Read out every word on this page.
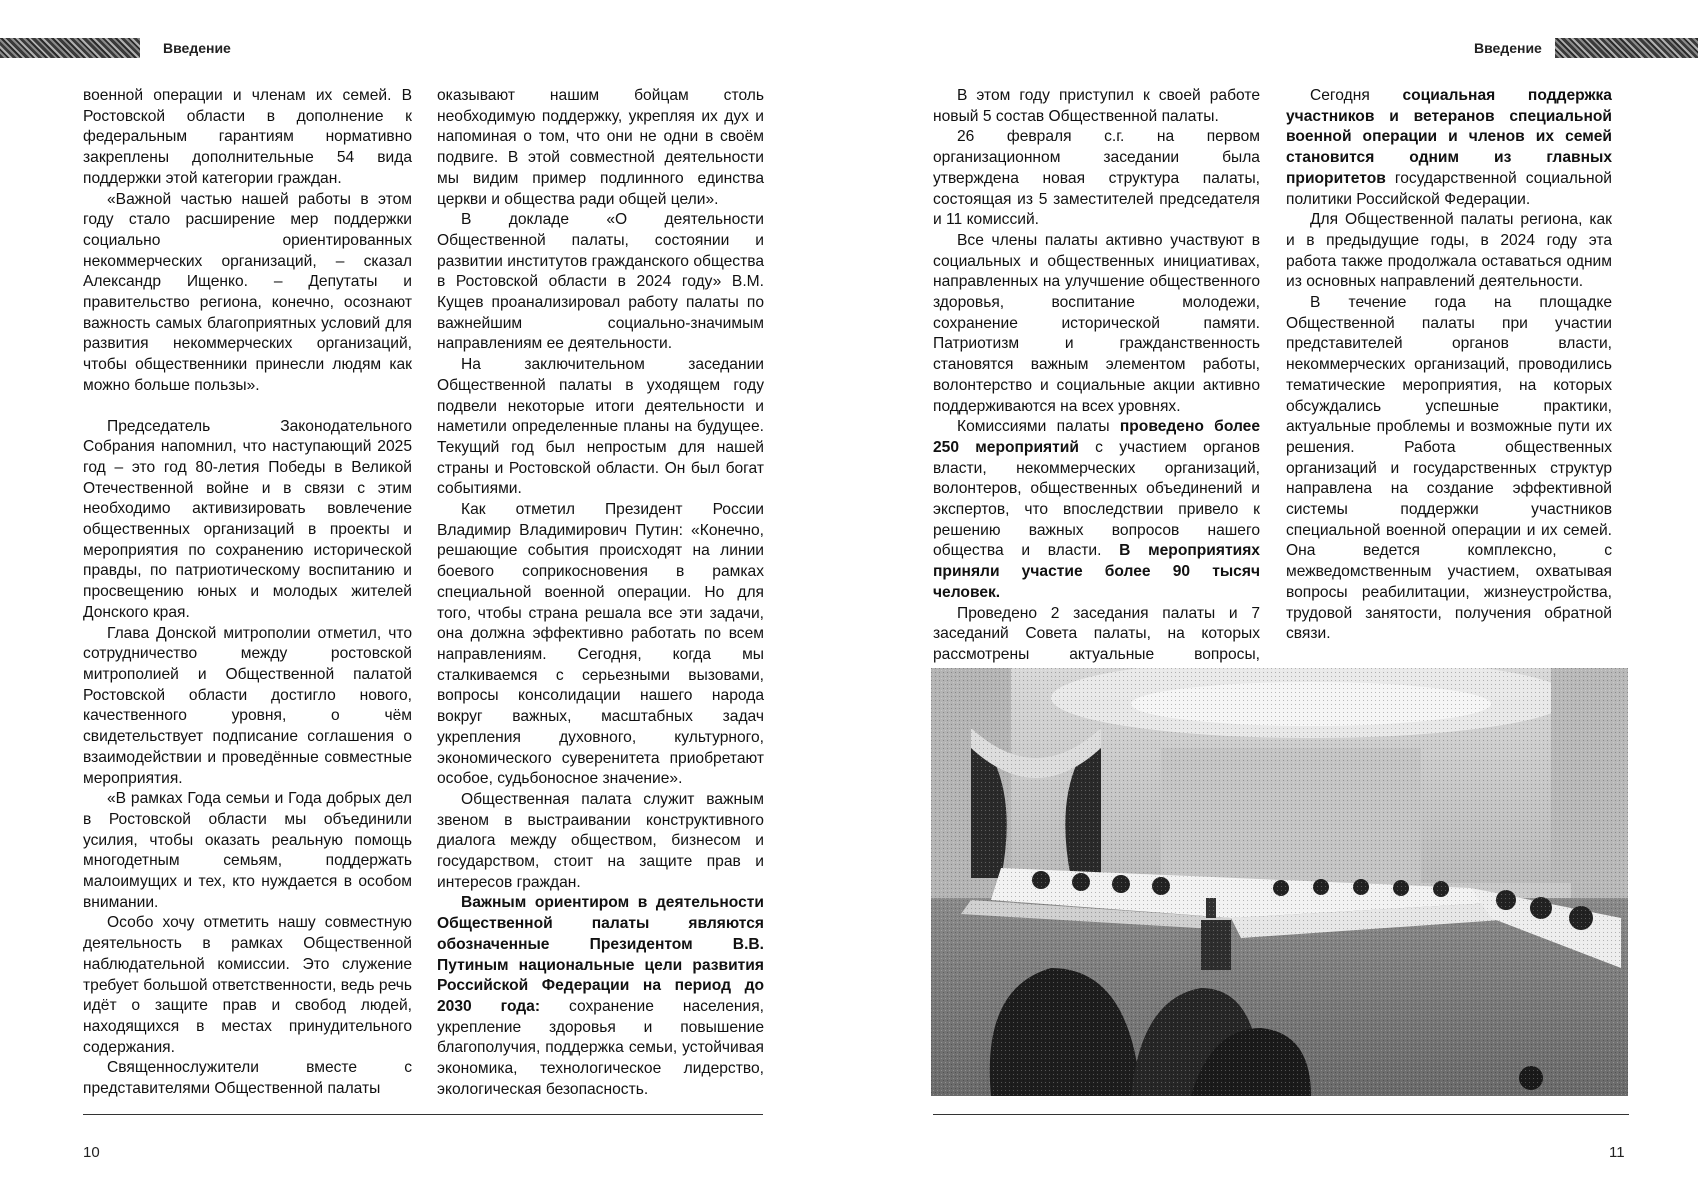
Введение

военной операции и членам их семей. В Ростовской области в дополнение к федеральным гарантиям нормативно закреплены дополнительные 54 вида поддержки этой категории граждан.

«Важной частью нашей работы в этом году стало расширение мер поддержки социально ориентированных некоммерческих организаций, – сказал Александр Ищенко. – Депутаты и правительство региона, конечно, осознают важность самых благоприятных условий для развития некоммерческих организаций, чтобы общественники принесли людям как можно больше пользы».

Председатель Законодательного Собрания напомнил, что наступающий 2025 год – это год 80-летия Победы в Великой Отечественной войне и в связи с этим необходимо активизировать вовлечение общественных организаций в проекты и мероприятия по сохранению исторической правды, по патриотическому воспитанию и просвещению юных и молодых жителей Донского края.

Глава Донской митрополии отметил, что сотрудничество между ростовской митрополией и Общественной палатой Ростовской области достигло нового, качественного уровня, о чём свидетельствует подписание соглашения о взаимодействии и проведённые совместные мероприятия.

«В рамках Года семьи и Года добрых дел в Ростовской области мы объединили усилия, чтобы оказать реальную помощь многодетным семьям, поддержать малоимущих и тех, кто нуждается в особом внимании.

Особо хочу отметить нашу совместную деятельность в рамках Общественной наблюдательной комиссии. Это служение требует большой ответственности, ведь речь идёт о защите прав и свобод людей, находящихся в местах принудительного содержания.

Священнослужители вместе с представителями Общественной палаты

оказывают нашим бойцам столь необходимую поддержку, укрепляя их дух и напоминая о том, что они не одни в своём подвиге. В этой совместной деятельности мы видим пример подлинного единства церкви и общества ради общей цели».

В докладе «О деятельности Общественной палаты, состоянии и развитии институтов гражданского общества в Ростовской области в 2024 году» В.М. Кущев проанализировал работу палаты по важнейшим социально-значимым направлениям ее деятельности.

На заключительном заседании Общественной палаты в уходящем году подвели некоторые итоги деятельности и наметили определенные планы на будущее. Текущий год был непростым для нашей страны и Ростовской области. Он был богат событиями.

Как отметил Президент России Владимир Владимирович Путин: «Конечно, решающие события происходят на линии боевого соприкосновения в рамках специальной военной операции. Но для того, чтобы страна решала все эти задачи, она должна эффективно работать по всем направлениям. Сегодня, когда мы сталкиваемся с серьезными вызовами, вопросы консолидации нашего народа вокруг важных, масштабных задач укрепления духовного, культурного, экономического суверенитета приобретают особое, судьбоносное значение».

Общественная палата служит важным звеном в выстраивании конструктивного диалога между обществом, бизнесом и государством, стоит на защите прав и интересов граждан.

Важным ориентиром в деятельности Общественной палаты являются обозначенные Президентом В.В. Путиным национальные цели развития Российской Федерации на период до 2030 года: сохранение населения, укрепление здоровья и повышение благополучия, поддержка семьи, устойчивая экономика, технологическое лидерство, экологическая безопасность.

10
Введение

В этом году приступил к своей работе новый 5 состав Общественной палаты.

26 февраля с.г. на первом организационном заседании была утверждена новая структура палаты, состоящая из 5 заместителей председателя и 11 комиссий.

Все члены палаты активно участвуют в социальных и общественных инициативах, направленных на улучшение общественного здоровья, воспитание молодежи, сохранение исторической памяти. Патриотизм и гражданственность становятся важным элементом работы, волонтерство и социальные акции активно поддерживаются на всех уровнях.

Комиссиями палаты проведено более 250 мероприятий с участием органов власти, некоммерческих организаций, волонтеров, общественных объединений и экспертов, что впоследствии привело к решению важных вопросов нашего общества и власти. В мероприятиях приняли участие более 90 тысяч человек.

Проведено 2 заседания палаты и 7 заседаний Совета палаты, на которых рассмотрены актуальные вопросы,

Сегодня социальная поддержка участников и ветеранов специальной военной операции и членов их семей становится одним из главных приоритетов государственной социальной политики Российской Федерации.

Для Общественной палаты региона, как и в предыдущие годы, в 2024 году эта работа также продолжала оставаться одним из основных направлений деятельности.

В течение года на площадке Общественной палаты при участии представителей органов власти, некоммерческих организаций, проводились тематические мероприятия, на которых обсуждались успешные практики, актуальные проблемы и возможные пути их решения. Работа общественных организаций и государственных структур направлена на создание эффективной системы поддержки участников специальной военной операции и их семей. Она ведется комплексно, с межведомственным участием, охватывая вопросы реабилитации, жизнеустройства, трудовой занятости, получения обратной связи.

11
